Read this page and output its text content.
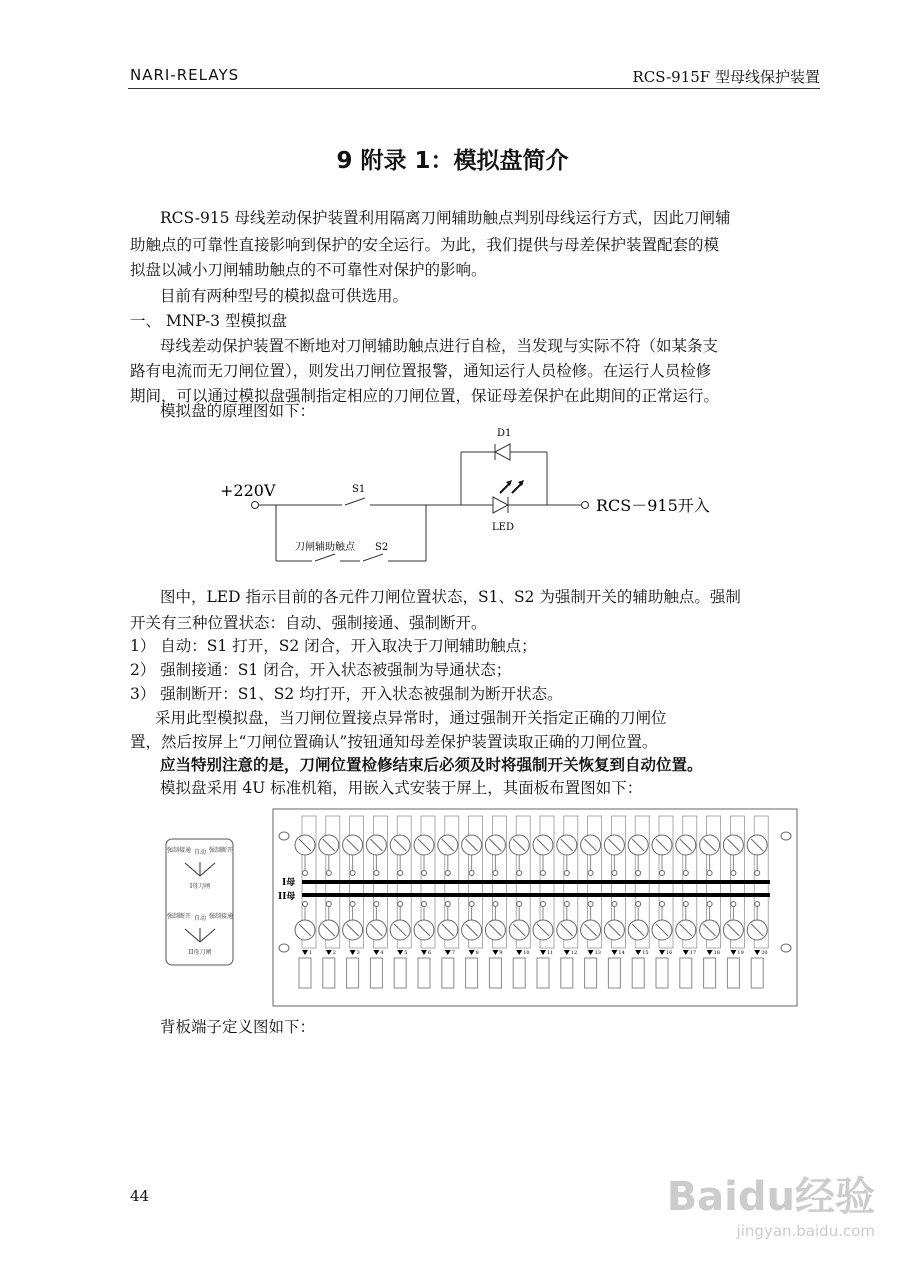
NARI-RELAYS	RCS-915F 型母线保护装置
9 附录 1：模拟盘简介
RCS-915 母线差动保护装置利用隔离刀闸辅助触点判别母线运行方式，因此刀闸辅
助触点的可靠性直接影响到保护的安全运行。为此，我们提供与母差保护装置配套的模
拟盘以减小刀闸辅助触点的不可靠性对保护的影响。
目前有两种型号的模拟盘可供选用。
一、 MNP-3 型模拟盘
母线差动保护装置不断地对刀闸辅助触点进行自检，当发现与实际不符（如某条支
路有电流而无刀闸位置），则发出刀闸位置报警，通知运行人员检修。在运行人员检修
期间，可以通过模拟盘强制指定相应的刀闸位置，保证母差保护在此期间的正常运行。
模拟盘的原理图如下：
+220V	S1
S2
刀闸辅助触点
D1
LED
RCS－915开入
图中，LED 指示目前的各元件刀闸位置状态，S1、S2 为强制开关的辅助触点。强制
开关有三种位置状态：自动、强制接通、强制断开。
1） 自动：S1 打开，S2 闭合，开入取决于刀闸辅助触点；
2） 强制接通：S1 闭合，开入状态被强制为导通状态；
3） 强制断开：S1、S2 均打开，开入状态被强制为断开状态。
采用此型模拟盘，当刀闸位置接点异常时，通过强制开关指定正确的刀闸位
置，然后按屏上“刀闸位置确认”按钮通知母差保护装置读取正确的刀闸位置。
应当特别注意的是，刀闸位置检修结束后必须及时将强制开关恢复到自动位置。
模拟盘采用 4U 标准机箱，用嵌入式安装于屏上，其面板布置图如下：
强制接通 自动 强制断开
I母刀闸
强制断开 自动 强制接通
II母刀闸	1	2	3	4	5	6	7	8	9	10	11	12	13	14	15	16	17	18	19	20
I母
II母
背板端子定义图如下：
44	Baidu经验
jingyan.baidu.com
